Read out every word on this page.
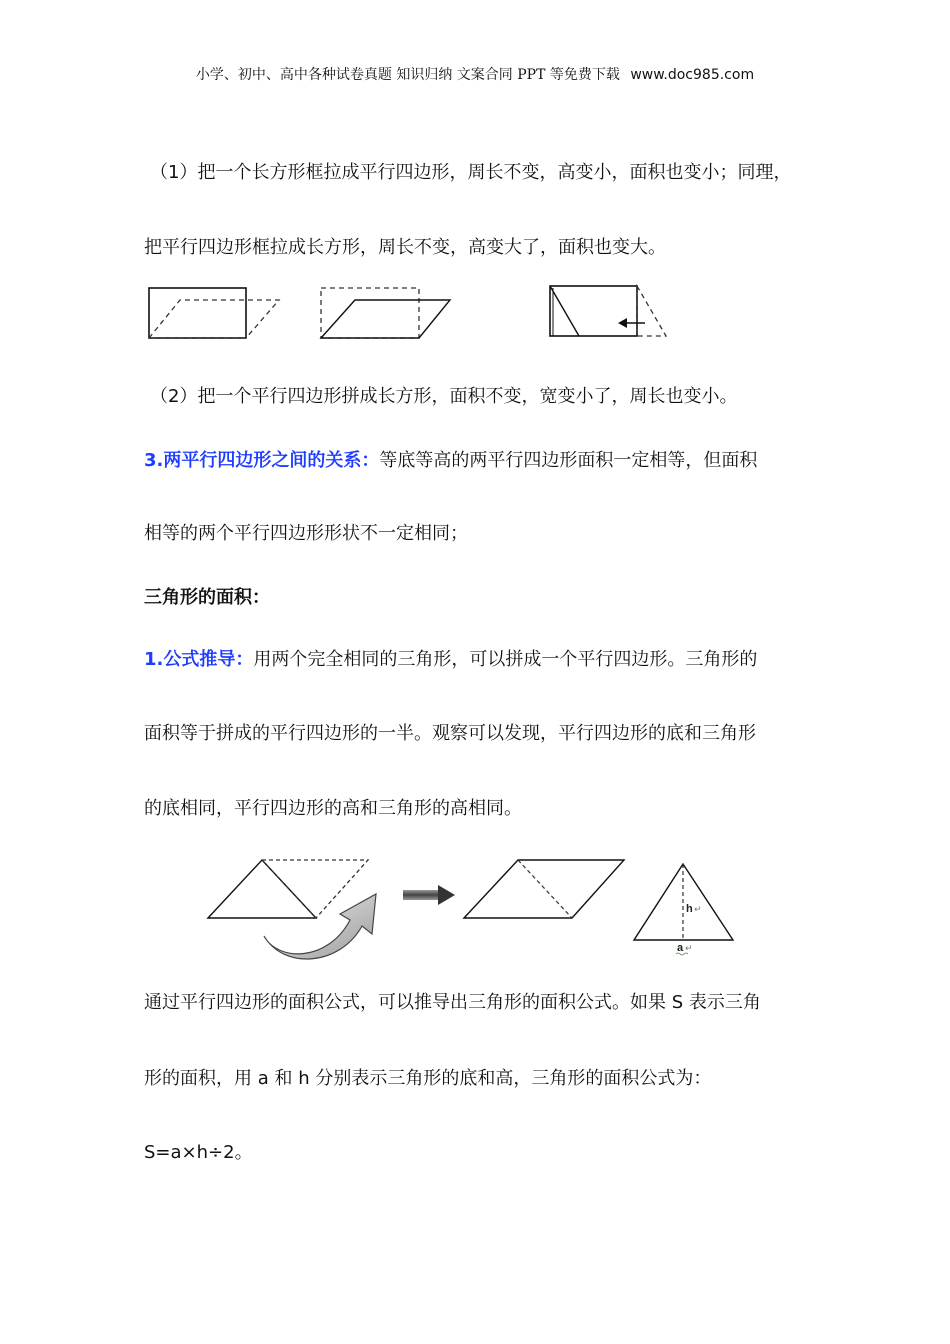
小学、初中、高中各种试卷真题 知识归纳 文案合同 PPT 等免费下载 www.doc985.com
（1）把一个长方形框拉成平行四边形，周长不变，高变小，面积也变小；同理，
把平行四边形框拉成长方形，周长不变，高变大了，面积也变大。
（2）把一个平行四边形拼成长方形，面积不变，宽变小了，周长也变小。
3.两平行四边形之间的关系：等底等高的两平行四边形面积一定相等，但面积
相等的两个平行四边形形状不一定相同；
三角形的面积：
1.公式推导：用两个完全相同的三角形，可以拼成一个平行四边形。三角形的
面积等于拼成的平行四边形的一半。观察可以发现，平行四边形的底和三角形
的底相同，平行四边形的高和三角形的高相同。
h ↵
a ↵
通过平行四边形的面积公式，可以推导出三角形的面积公式。如果 S 表示三角
形的面积，用 a 和 h 分别表示三角形的底和高，三角形的面积公式为：
S=a×h÷2。
